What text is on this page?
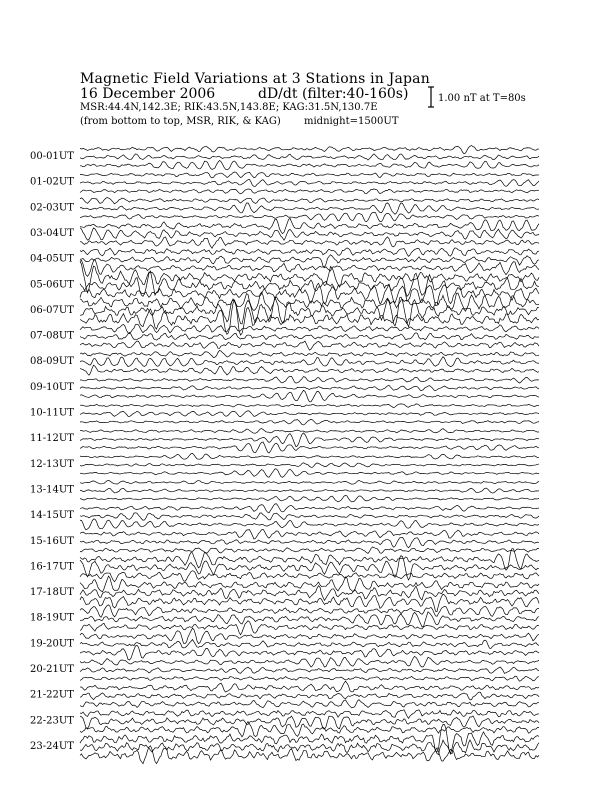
Magnetic Field Variations at 3 Stations in Japan
16 December 2006	dD/dt (filter:40-160s)
MSR:44.4N,142.3E; RIK:43.5N,143.8E; KAG:31.5N,130.7E
(from bottom to top, MSR, RIK, & KAG) midnight=1500UT
1.00 nT at T=80s
00-01UT
01-02UT
02-03UT
03-04UT
04-05UT
05-06UT
06-07UT
07-08UT
08-09UT
09-10UT
10-11UT
11-12UT
12-13UT
13-14UT
14-15UT
15-16UT
16-17UT
17-18UT
18-19UT
19-20UT
20-21UT
21-22UT
22-23UT
23-24UT
